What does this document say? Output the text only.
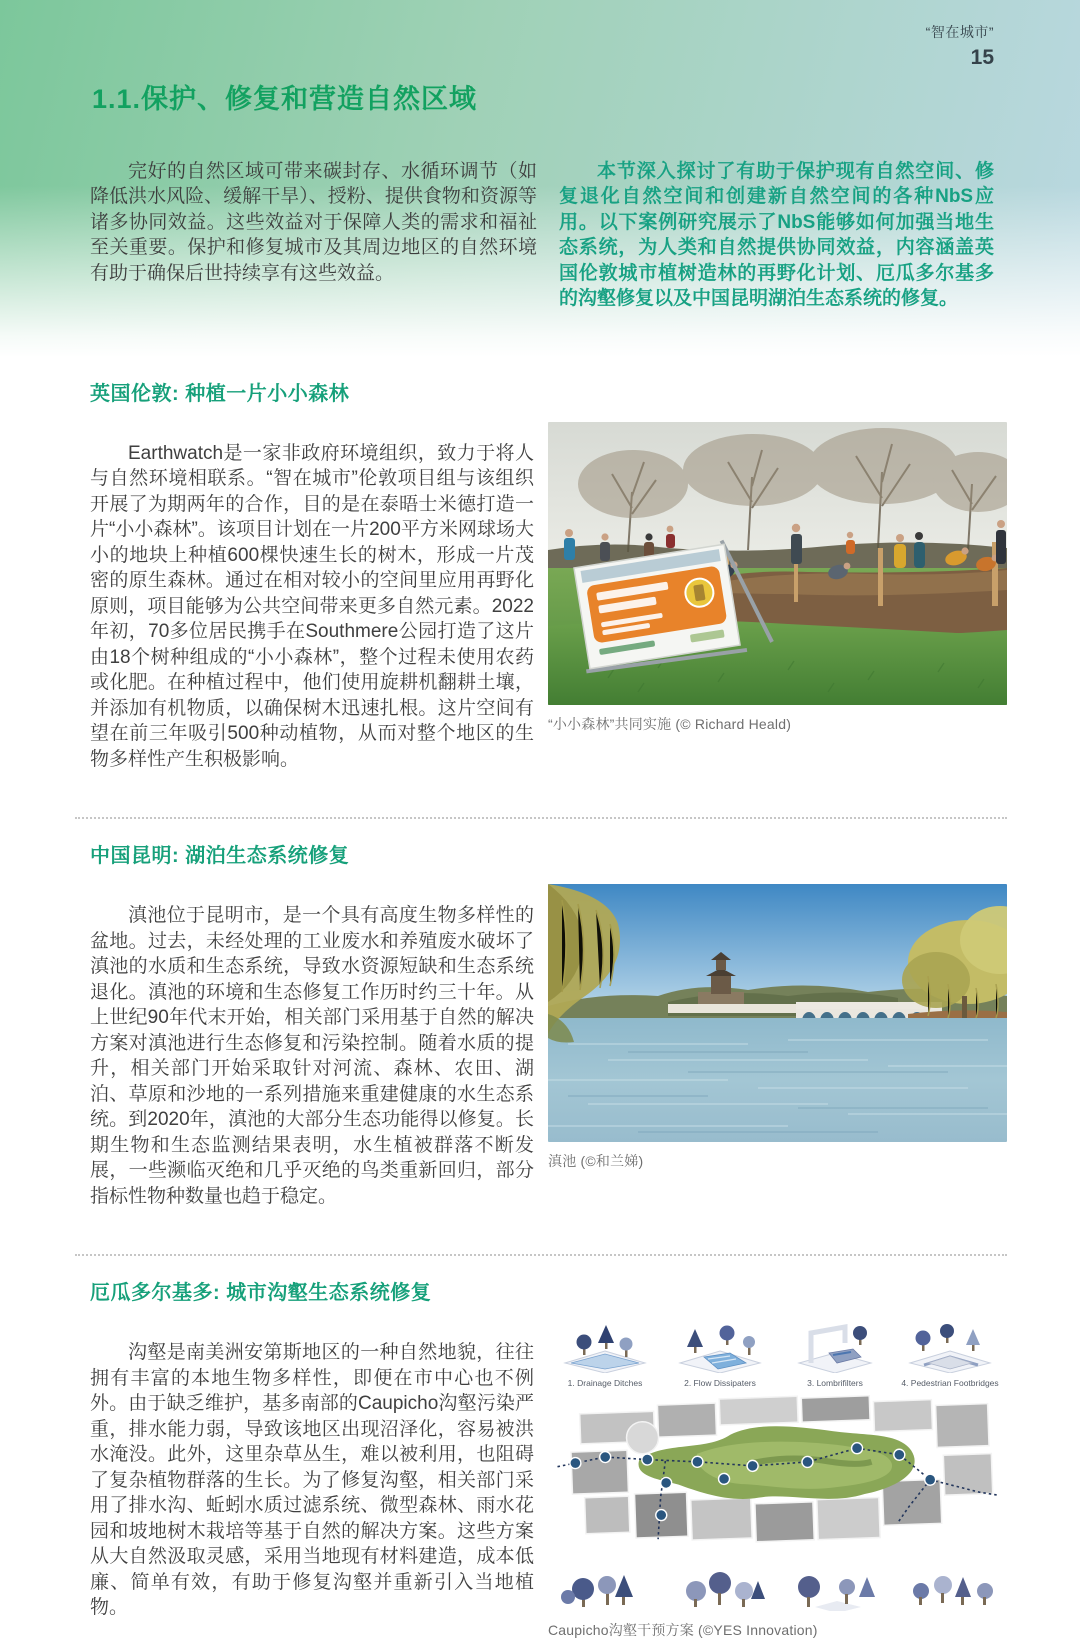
“智在城市”
15
1.1.保护、修复和营造自然区域

完好的自然区域可带来碳封存、水循环调节（如降低洪水风险、缓解干旱）、授粉、提供食物和资源等诸多协同效益。这些效益对于保障人类的需求和福祉至关重要。保护和修复城市及其周边地区的自然环境有助于确保后世持续享有这些效益。

本节深入探讨了有助于保护现有自然空间、修复退化自然空间和创建新自然空间的各种NbS应用。以下案例研究展示了NbS能够如何加强当地生态系统，为人类和自然提供协同效益，内容涵盖英国伦敦城市植树造林的再野化计划、厄瓜多尔基多的沟壑修复以及中国昆明湖泊生态系统的修复。

英国伦敦: 种植一片小小森林

Earthwatch是一家非政府环境组织，致力于将人与自然环境相联系。“智在城市”伦敦项目组与该组织开展了为期两年的合作，目的是在泰晤士米德打造一片“小小森林”。该项目计划在一片200平方米网球场大小的地块上种植600棵快速生长的树木，形成一片茂密的原生森林。通过在相对较小的空间里应用再野化原则，项目能够为公共空间带来更多自然元素。2022年初，70多位居民携手在Southmere公园打造了这片由18个树种组成的“小小森林”，整个过程未使用农药或化肥。在种植过程中，他们使用旋耕机翻耕土壤，并添加有机物质，以确保树木迅速扎根。这片空间有望在前三年吸引500种动植物，从而对整个地区的生物多样性产生积极影响。

“小小森林”共同实施 (© Richard Heald)
中国昆明: 湖泊生态系统修复

滇池位于昆明市，是一个具有高度生物多样性的盆地。过去，未经处理的工业废水和养殖废水破坏了滇池的水质和生态系统，导致水资源短缺和生态系统退化。滇池的环境和生态修复工作历时约三十年。从上世纪90年代末开始，相关部门采用基于自然的解决方案对滇池进行生态修复和污染控制。随着水质的提升，相关部门开始采取针对河流、森林、农田、湖泊、草原和沙地的一系列措施来重建健康的水生态系统。到2020年，滇池的大部分生态功能得以修复。长期生物和生态监测结果表明，水生植被群落不断发展，一些濒临灭绝和几乎灭绝的鸟类重新回归，部分指标性物种数量也趋于稳定。

滇池 (©和兰娣)
厄瓜多尔基多: 城市沟壑生态系统修复

沟壑是南美洲安第斯地区的一种自然地貌，往往拥有丰富的本地生物多样性，即便在市中心也不例外。由于缺乏维护，基多南部的Caupicho沟壑污染严重，排水能力弱，导致该地区出现沼泽化，容易被洪水淹没。此外，这里杂草丛生，难以被利用，也阻碍了复杂植物群落的生长。为了修复沟壑，相关部门采用了排水沟、蚯蚓水质过滤系统、微型森林、雨水花园和坡地树木栽培等基于自然的解决方案。这些方案从大自然汲取灵感，采用当地现有材料建造，成本低廉、简单有效，有助于修复沟壑并重新引入当地植物。

1. Drainage Ditches	2. Flow Dissipaters	3. Lombrifilters	4. Pedestrian Footbridges
Caupicho沟壑干预方案 (©YES Innovation)
